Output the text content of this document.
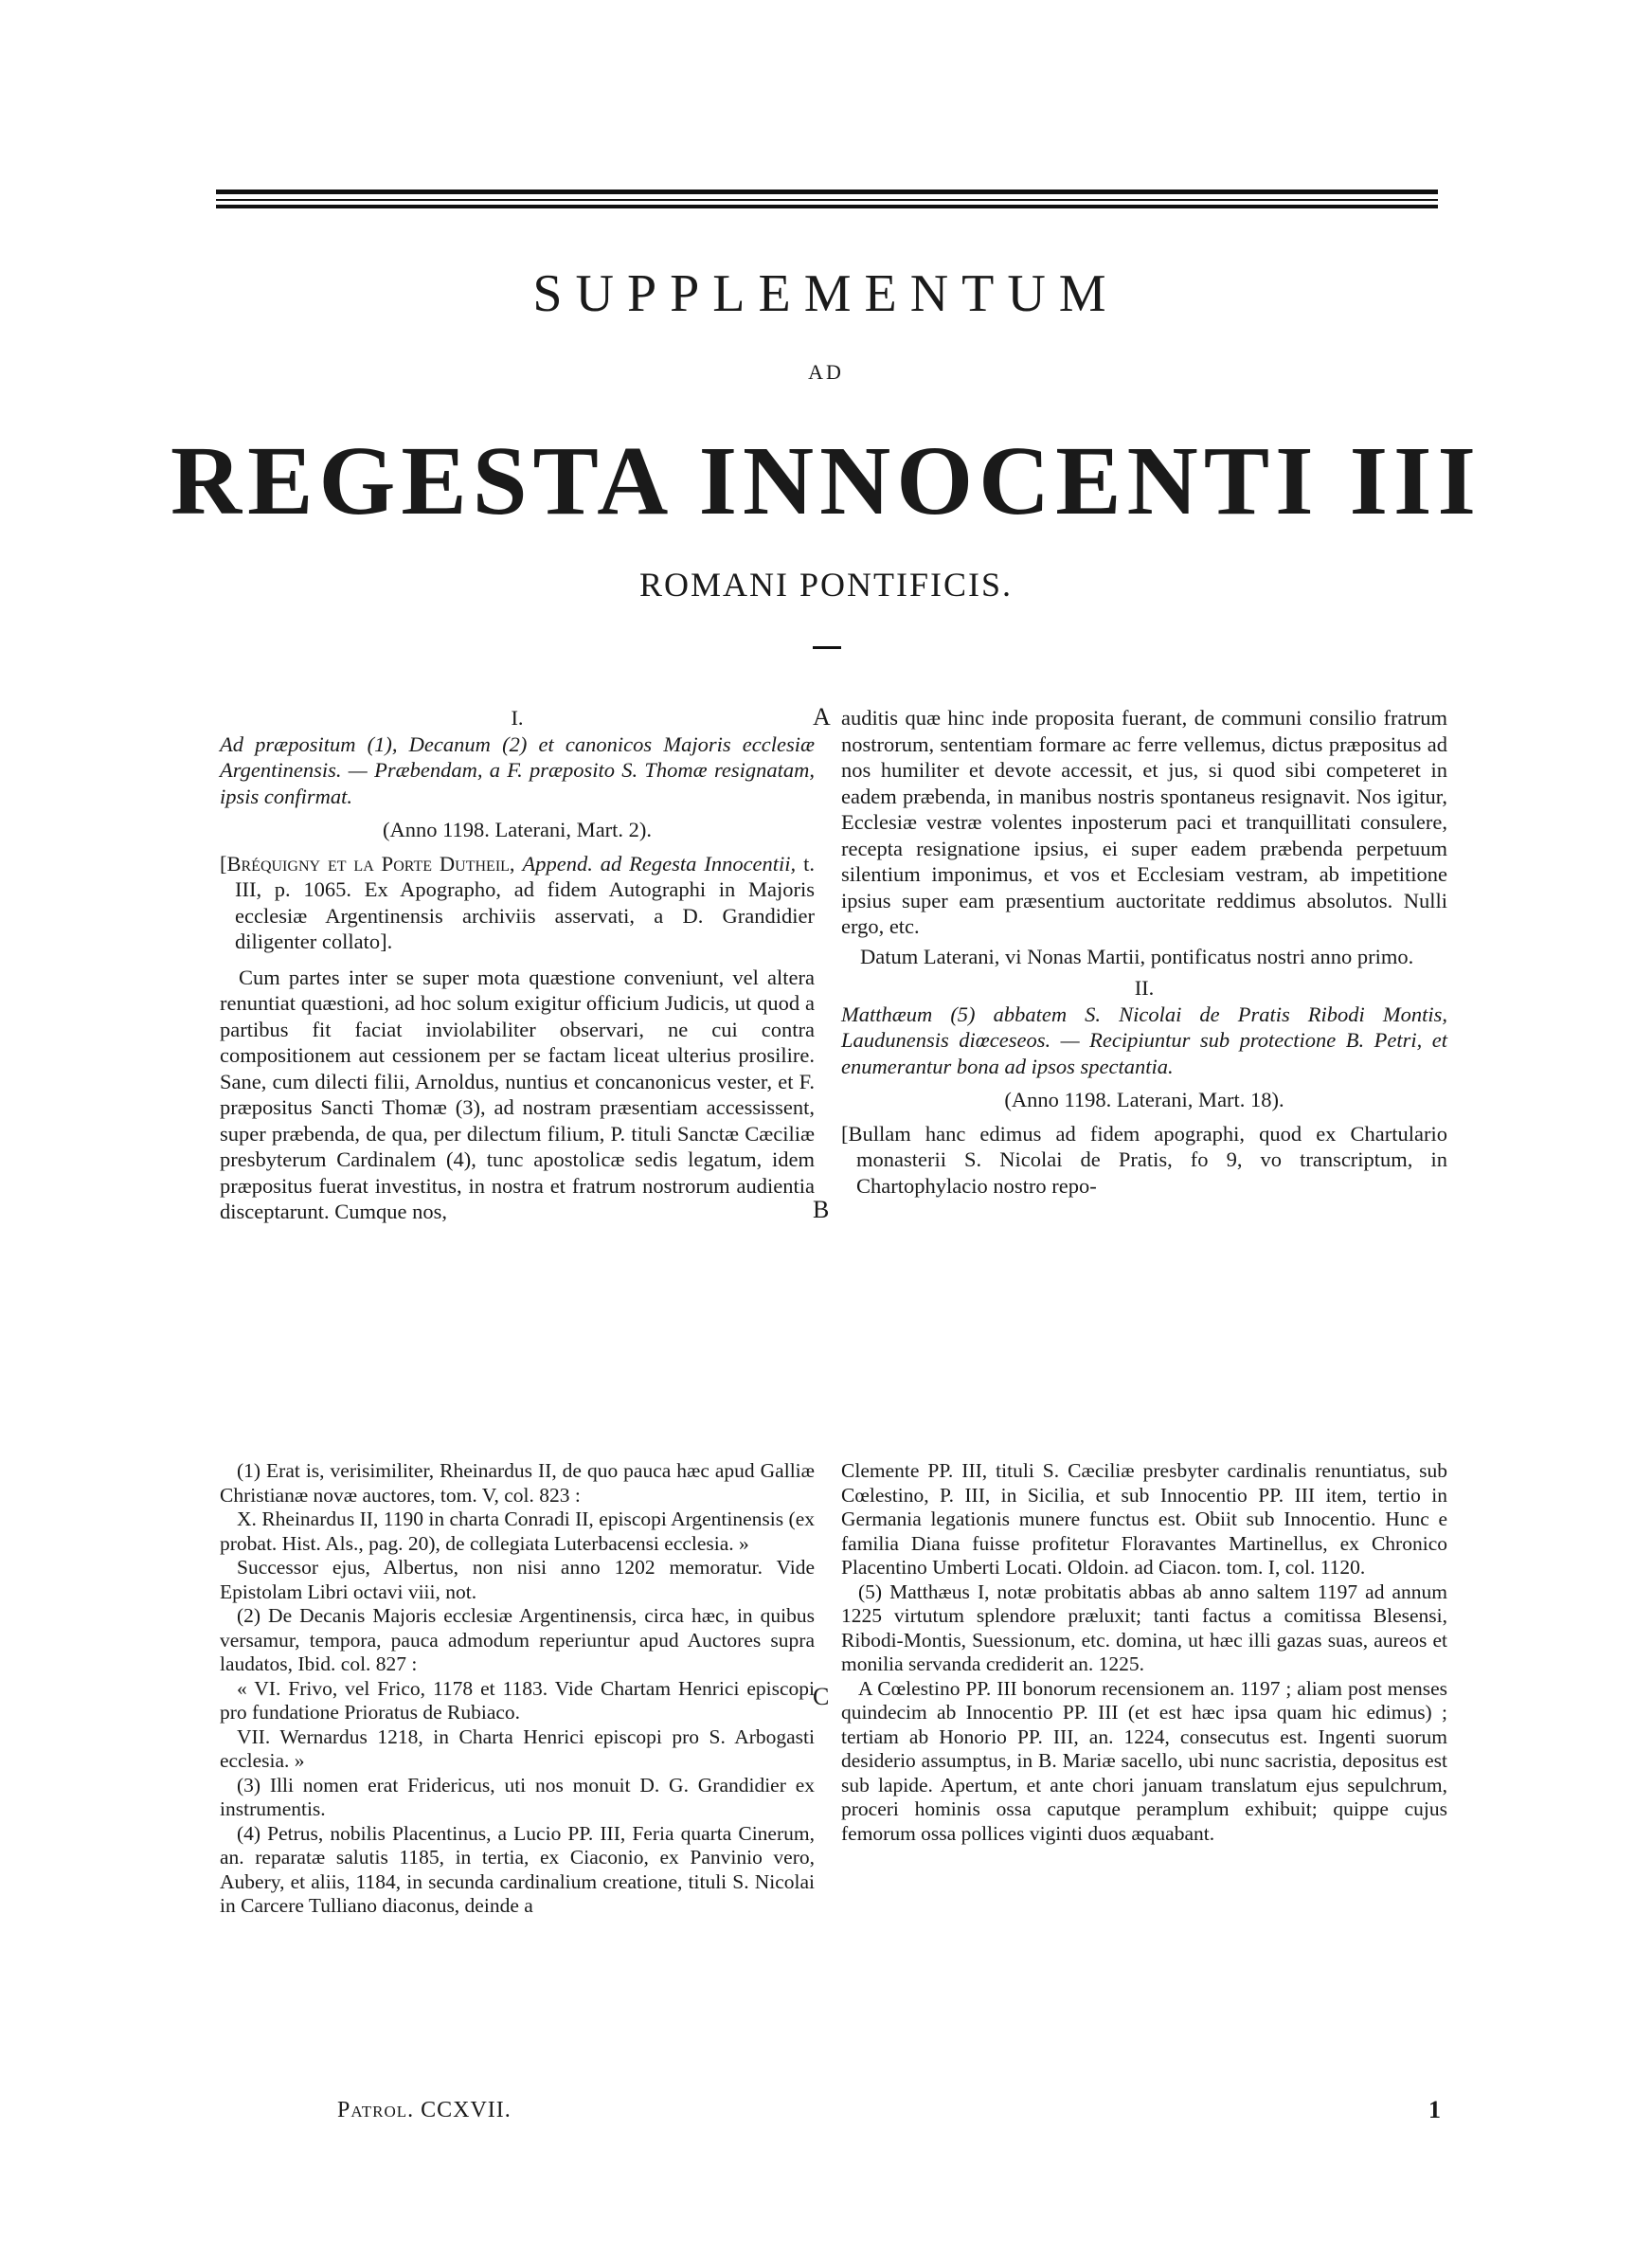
SUPPLEMENTUM
AD
REGESTA INNOCENTI III
ROMANI PONTIFICIS.

I.

Ad præpositum (1), Decanum (2) et canonicos Majoris ecclesiæ Argentinensis. — Præbendam, a F. præposito S. Thomæ resignatam, ipsis confirmat.

(Anno 1198. Laterani, Mart. 2).

[Bréquigny et la Porte Dutheil, Append. ad Regesta Innocentii, t. III, p. 1065. Ex Apographo, ad fidem Autographi in Majoris ecclesiæ Argentinensis archiviis asservati, a D. Grandidier diligenter collato].

Cum partes inter se super mota quæstione conveniunt, vel altera renuntiat quæstioni, ad hoc solum exigitur officium Judicis, ut quod a partibus fit faciat inviolabiliter observari, ne cui contra compositionem aut cessionem per se factam liceat ulterius prosilire. Sane, cum dilecti filii, Arnoldus, nuntius et concanonicus vester, et F. præpositus Sancti Thomæ (3), ad nostram præsentiam accessissent, super præbenda, de qua, per dilectum filium, P. tituli Sanctæ Cæciliæ presbyterum Cardinalem (4), tunc apostolicæ sedis legatum, idem præpositus fuerat investitus, in nostra et fratrum nostrorum audientia disceptarunt. Cumque nos,

auditis quæ hinc inde proposita fuerant, de communi consilio fratrum nostrorum, sententiam formare ac ferre vellemus, dictus præpositus ad nos humiliter et devote accessit, et jus, si quod sibi competeret in eadem præbenda, in manibus nostris spontaneus resignavit. Nos igitur, Ecclesiæ vestræ volentes inposterum paci et tranquillitati consulere, recepta resignatione ipsius, ei super eadem præbenda perpetuum silentium imponimus, et vos et Ecclesiam vestram, ab impetitione ipsius super eam præsentium auctoritate reddimus absolutos. Nulli ergo, etc.

Datum Laterani, vi Nonas Martii, pontificatus nostri anno primo.

II.

Matthæum (5) abbatem S. Nicolai de Pratis Ribodi Montis, Laudunensis diœceseos. — Recipiuntur sub protectione B. Petri, et enumerantur bona ad ipsos spectantia.

(Anno 1198. Laterani, Mart. 18).

[Bullam hanc edimus ad fidem apographi, quod ex Chartulario monasterii S. Nicolai de Pratis, fo 9, vo transcriptum, in Chartophylacio nostro repo-

A
B
C

(1) Erat is, verisimiliter, Rheinardus II, de quo pauca hæc apud Galliæ Christianæ novæ auctores, tom. V, col. 823 :

X. Rheinardus II, 1190 in charta Conradi II, episcopi Argentinensis (ex probat. Hist. Als., pag. 20), de collegiata Luterbacensi ecclesia. »

Successor ejus, Albertus, non nisi anno 1202 memoratur. Vide Epistolam Libri octavi viii, not.

(2) De Decanis Majoris ecclesiæ Argentinensis, circa hæc, in quibus versamur, tempora, pauca admodum reperiuntur apud Auctores supra laudatos, Ibid. col. 827 :

« VI. Frivo, vel Frico, 1178 et 1183. Vide Chartam Henrici episcopi pro fundatione Prioratus de Rubiaco.

VII. Wernardus 1218, in Charta Henrici episcopi pro S. Arbogasti ecclesia. »

(3) Illi nomen erat Fridericus, uti nos monuit D. G. Grandidier ex instrumentis.

(4) Petrus, nobilis Placentinus, a Lucio PP. III, Feria quarta Cinerum, an. reparatæ salutis 1185, in tertia, ex Ciaconio, ex Panvinio vero, Aubery, et aliis, 1184, in secunda cardinalium creatione, tituli S. Nicolai in Carcere Tulliano diaconus, deinde a

Clemente PP. III, tituli S. Cæciliæ presbyter cardinalis renuntiatus, sub Cœlestino, P. III, in Sicilia, et sub Innocentio PP. III item, tertio in Germania legationis munere functus est. Obiit sub Innocentio. Hunc e familia Diana fuisse profitetur Floravantes Martinellus, ex Chronico Placentino Umberti Locati. Oldoin. ad Ciacon. tom. I, col. 1120.

(5) Matthæus I, notæ probitatis abbas ab anno saltem 1197 ad annum 1225 virtutum splendore præluxit; tanti factus a comitissa Blesensi, Ribodi-Montis, Suessionum, etc. domina, ut hæc illi gazas suas, aureos et monilia servanda crediderit an. 1225.

A Cœlestino PP. III bonorum recensionem an. 1197 ; aliam post menses quindecim ab Innocentio PP. III (et est hæc ipsa quam hic edimus) ; tertiam ab Honorio PP. III, an. 1224, consecutus est. Ingenti suorum desiderio assumptus, in B. Mariæ sacello, ubi nunc sacristia, depositus est sub lapide. Apertum, et ante chori januam translatum ejus sepulchrum, proceri hominis ossa caputque peramplum exhibuit; quippe cujus femorum ossa pollices viginti duos æquabant.

Patrol. CCXVII.	1
